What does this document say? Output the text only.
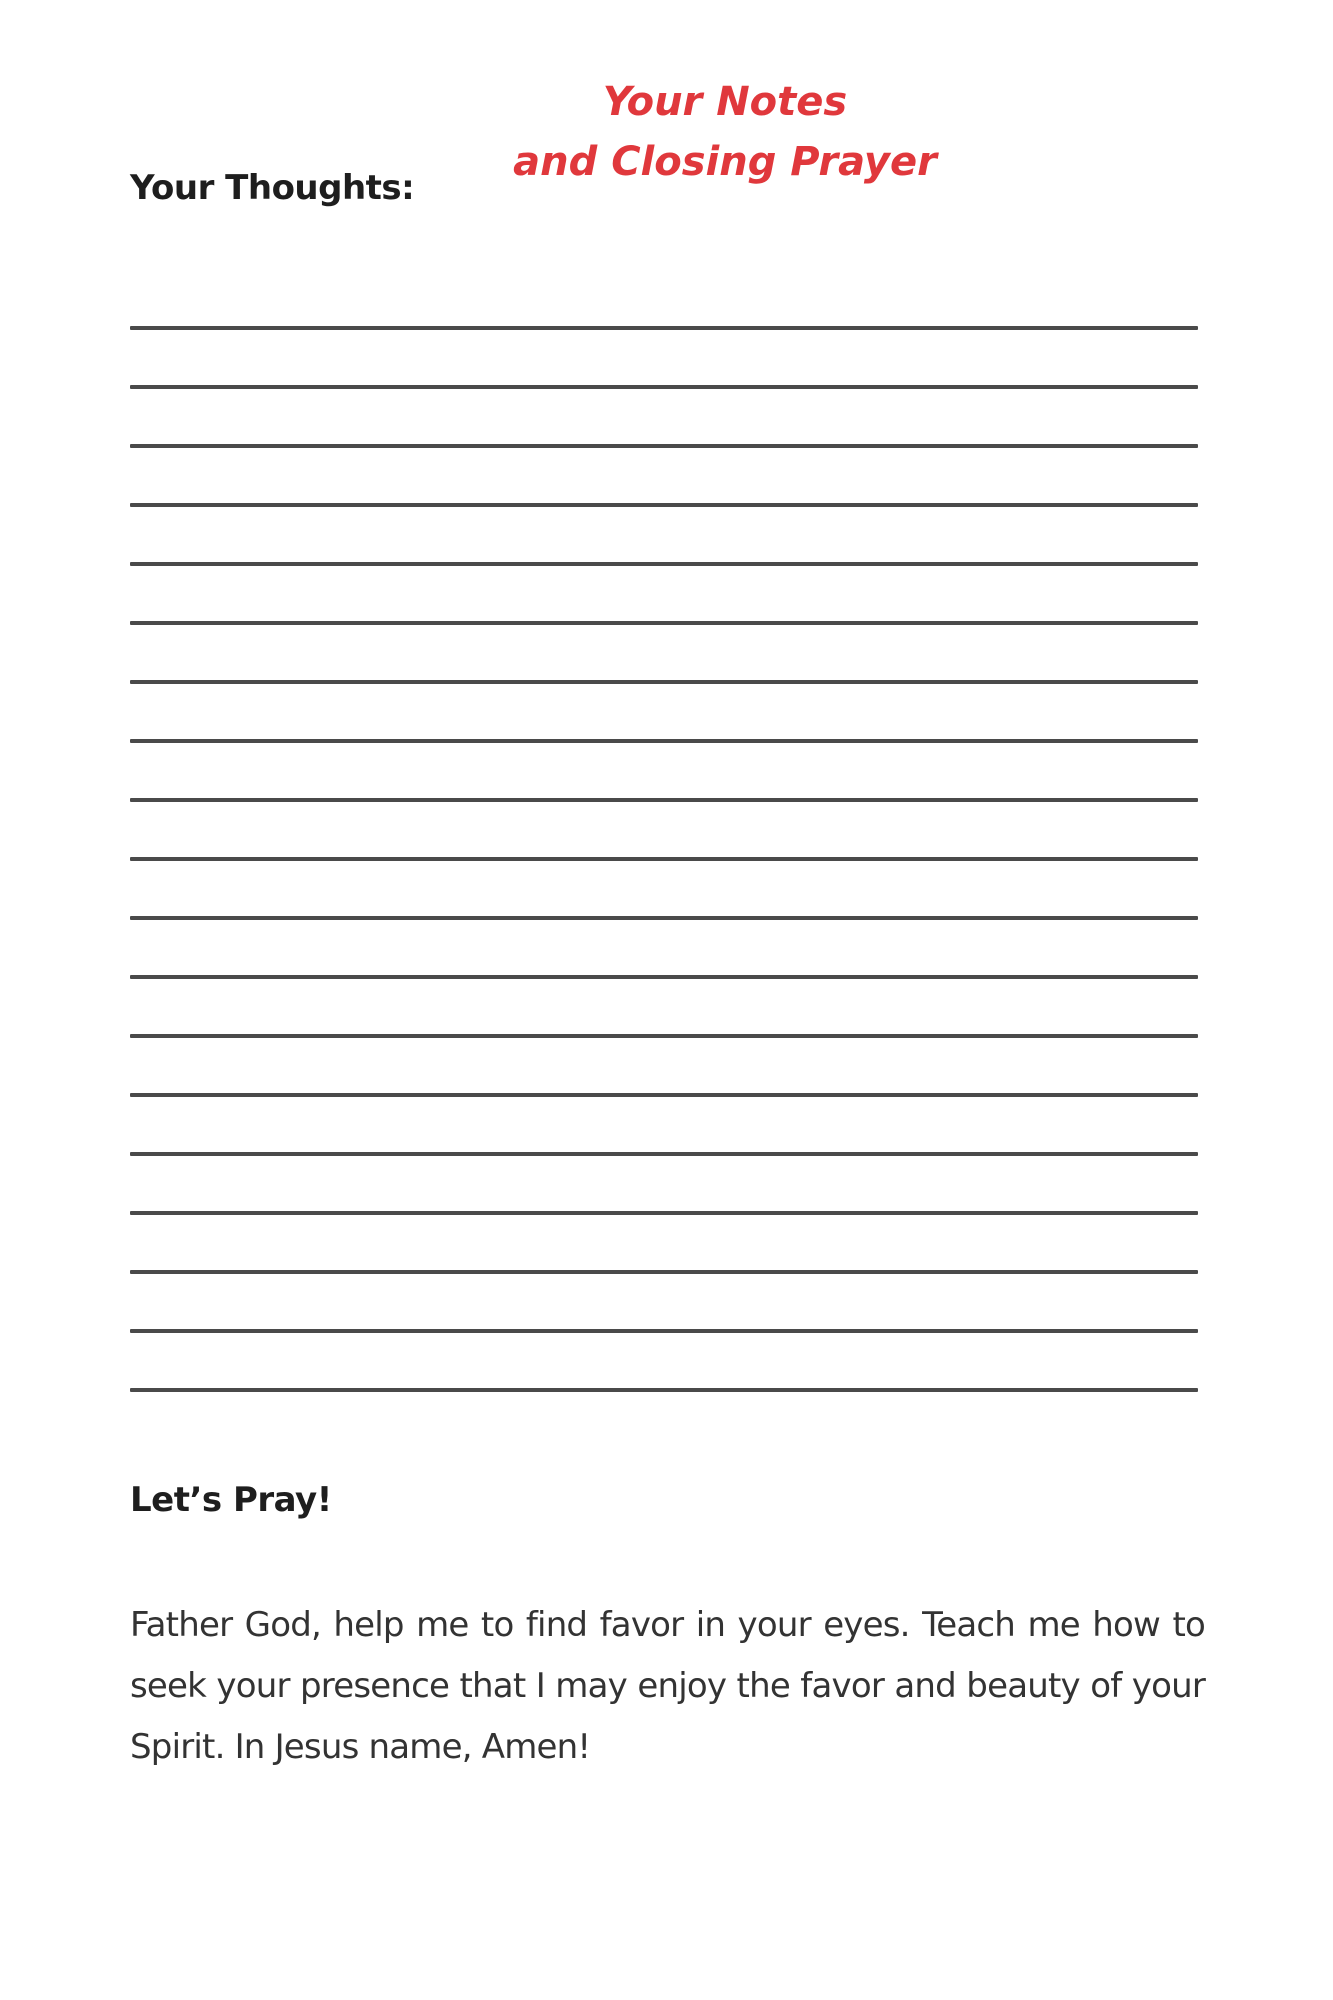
Your Notes
and Closing Prayer
Your Thoughts:
Let’s Pray!

Father God, help me to find favor in your eyes. Teach me how to seek your presence that I may enjoy the favor and beauty of your Spirit. In Jesus name, Amen!
